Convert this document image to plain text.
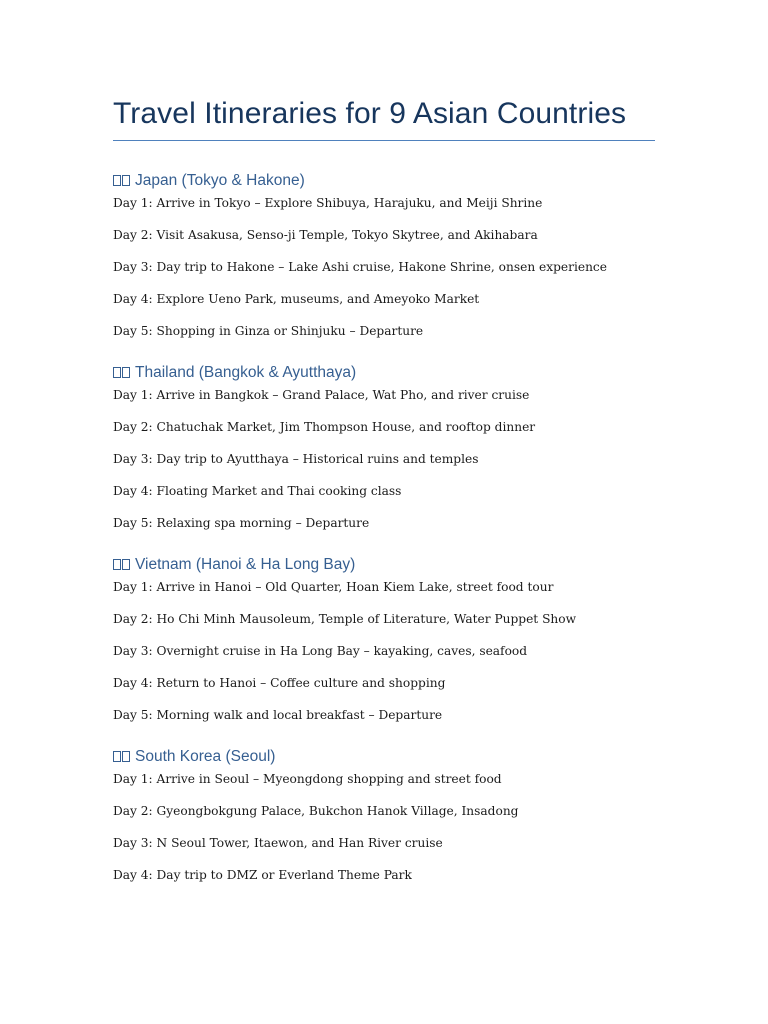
Travel Itineraries for 9 Asian Countries
Japan (Tokyo & Hakone)
Day 1: Arrive in Tokyo – Explore Shibuya, Harajuku, and Meiji Shrine
Day 2: Visit Asakusa, Senso-ji Temple, Tokyo Skytree, and Akihabara
Day 3: Day trip to Hakone – Lake Ashi cruise, Hakone Shrine, onsen experience
Day 4: Explore Ueno Park, museums, and Ameyoko Market
Day 5: Shopping in Ginza or Shinjuku – Departure
Thailand (Bangkok & Ayutthaya)
Day 1: Arrive in Bangkok – Grand Palace, Wat Pho, and river cruise
Day 2: Chatuchak Market, Jim Thompson House, and rooftop dinner
Day 3: Day trip to Ayutthaya – Historical ruins and temples
Day 4: Floating Market and Thai cooking class
Day 5: Relaxing spa morning – Departure
Vietnam (Hanoi & Ha Long Bay)
Day 1: Arrive in Hanoi – Old Quarter, Hoan Kiem Lake, street food tour
Day 2: Ho Chi Minh Mausoleum, Temple of Literature, Water Puppet Show
Day 3: Overnight cruise in Ha Long Bay – kayaking, caves, seafood
Day 4: Return to Hanoi – Coffee culture and shopping
Day 5: Morning walk and local breakfast – Departure
South Korea (Seoul)
Day 1: Arrive in Seoul – Myeongdong shopping and street food
Day 2: Gyeongbokgung Palace, Bukchon Hanok Village, Insadong
Day 3: N Seoul Tower, Itaewon, and Han River cruise
Day 4: Day trip to DMZ or Everland Theme Park
